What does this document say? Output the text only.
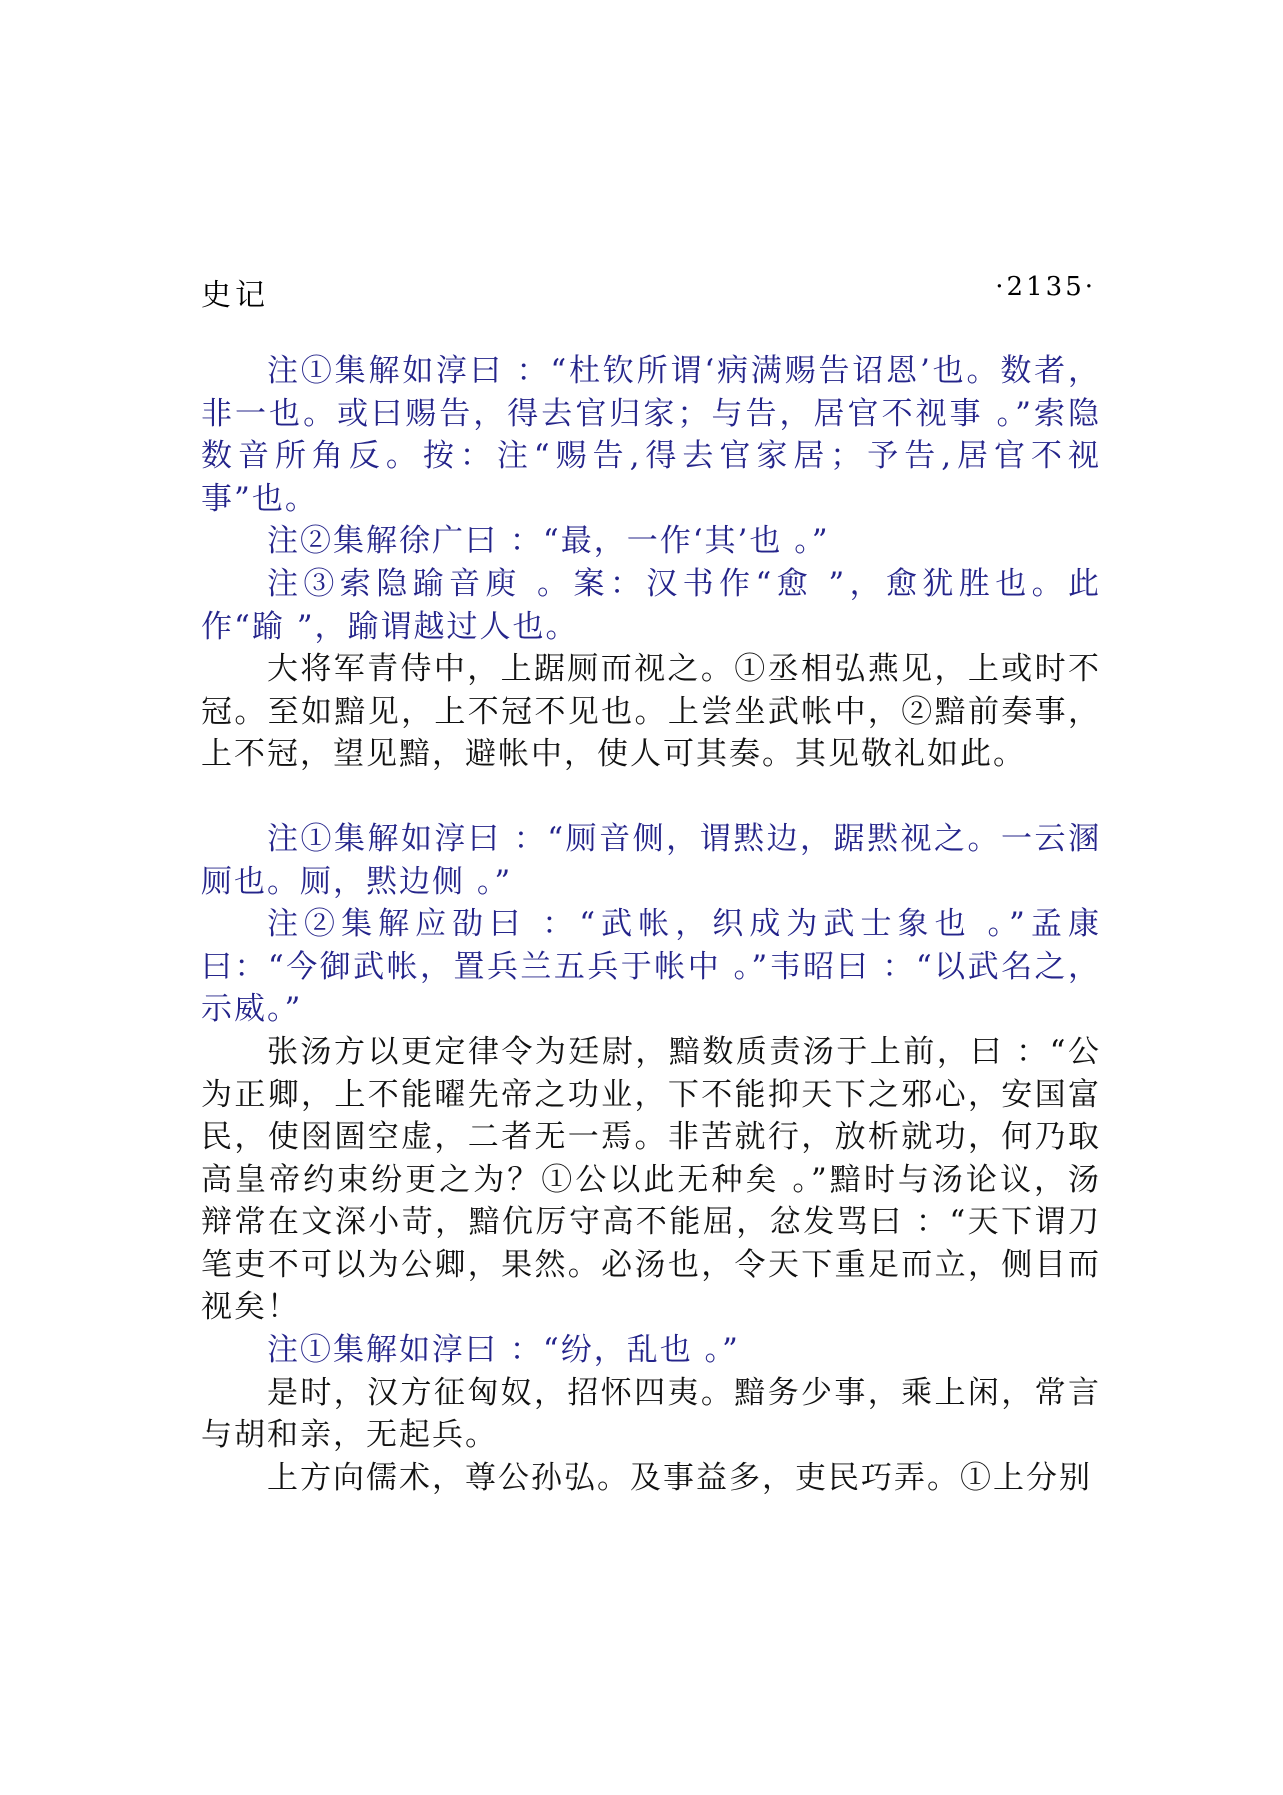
史记	·2135·

注①集解如淳曰 ：“杜钦所谓‘病满赐告诏恩’也。数者，非一也。或曰赐告，得去官归家；与告，居官不视事 。”索隐数音所角反。按：注“赐告,得去官家居；予告,居官不视事”也。

注②集解徐广曰 ：“最，一作‘其’也 。”

注③索隐踰音庾 。案：汉书作“愈 ”，愈犹胜也。此作“踰 ”，踰谓越过人也。

大将军青侍中，上踞厕而视之。①丞相弘燕见，上或时不冠。至如黯见，上不冠不见也。上尝坐武帐中，②黯前奏事，上不冠，望见黯，避帐中，使人可其奏。其见敬礼如此。

注①集解如淳曰 ：“厕音侧，谓黙边，踞黙视之。一云溷厕也。厕，黙边侧 。”

注②集解应劭曰 ：“武帐，织成为武士象也 。”孟康曰：“今御武帐，置兵兰五兵于帐中 。”韦昭曰 ：“以武名之，示威。”

张汤方以更定律令为廷尉，黯数质责汤于上前，曰 ：“公为正卿，上不能曜先帝之功业，下不能抑天下之邪心，安国富民，使囹圄空虚，二者无一焉。非苦就行，放析就功，何乃取高皇帝约束纷更之为？①公以此无种矣 。”黯时与汤论议，汤辩常在文深小苛，黯伉厉守高不能屈，忿发骂曰 ：“天下谓刀笔吏不可以为公卿，果然。必汤也，令天下重足而立，侧目而视矣！

注①集解如淳曰 ：“纷，乱也 。”

是时，汉方征匈奴，招怀四夷。黯务少事，乘上闲，常言与胡和亲，无起兵。

上方向儒术，尊公孙弘。及事益多，吏民巧弄。①上分别
